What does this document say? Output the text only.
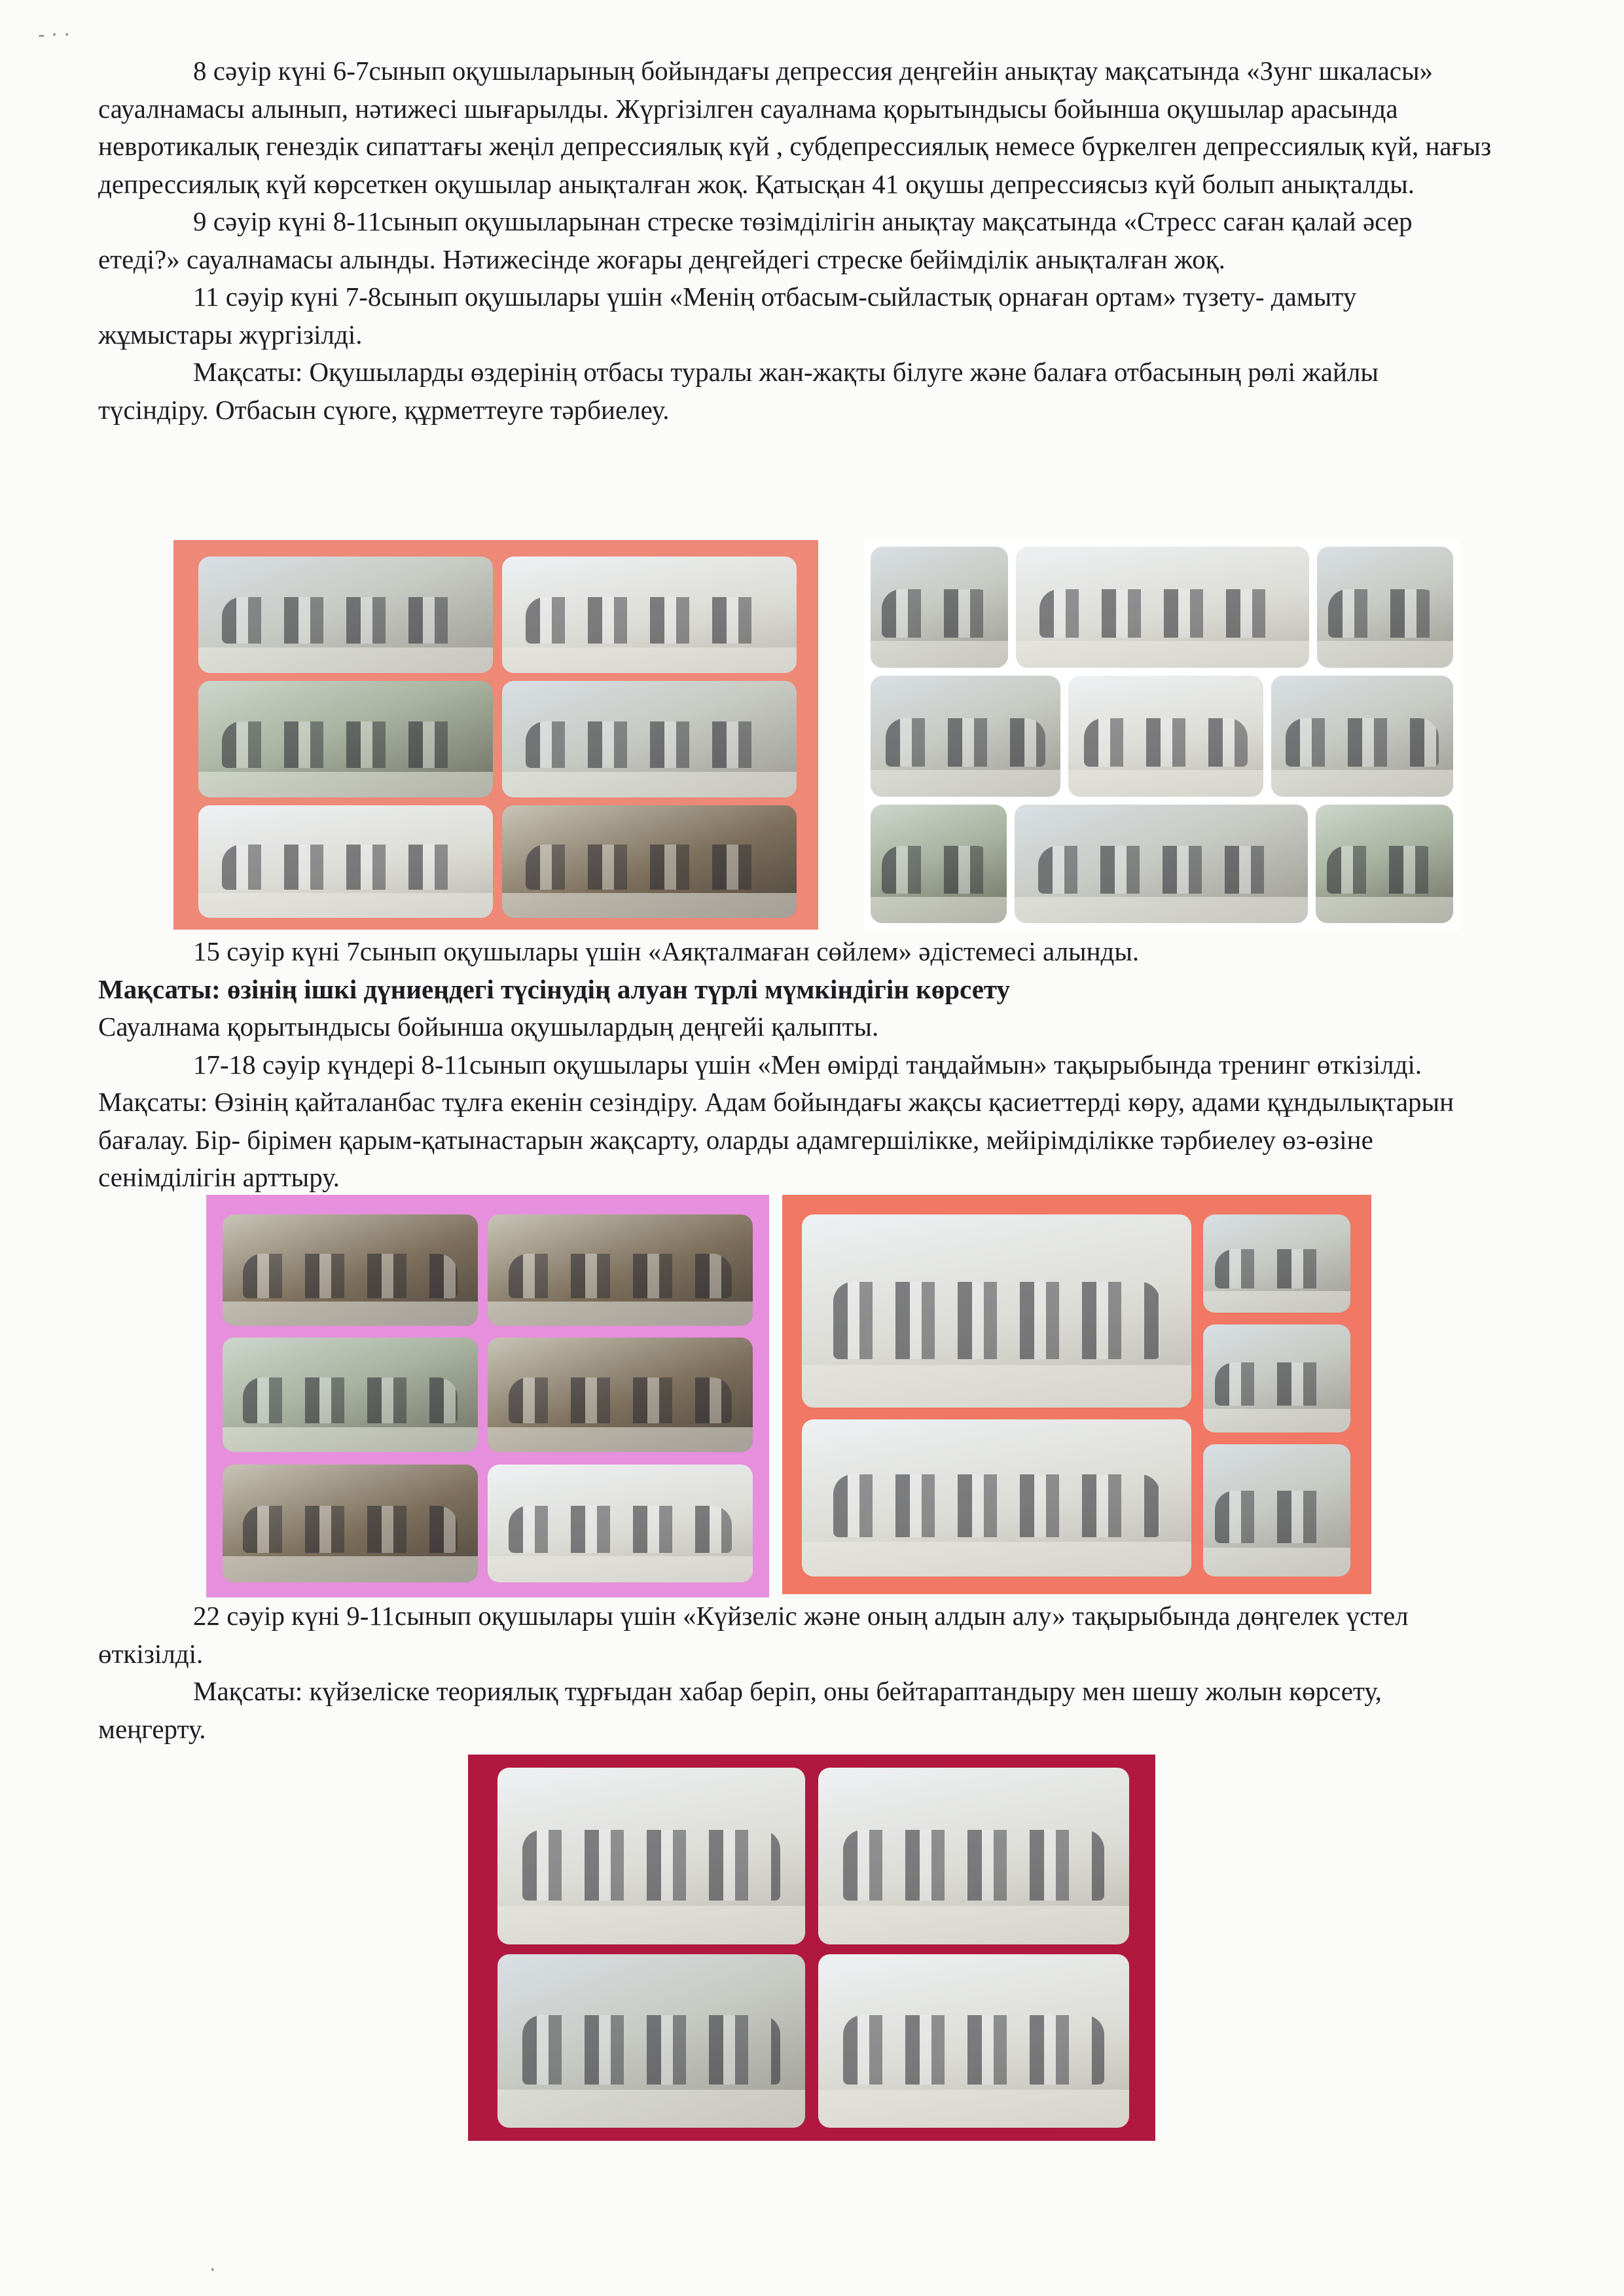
- · ·

8 сәуір күні 6-7сынып оқушыларының бойындағы депрессия деңгейін анықтау мақсатында «Зунг шкаласы» сауалнамасы алынып, нәтижесі шығарылды. Жүргізілген сауалнама қорытындысы бойынша оқушылар арасында невротикалық генездік сипаттағы жеңіл депрессиялық күй , субдепрессиялық немесе бүркелген депрессиялық күй, нағыз депрессиялық күй көрсеткен оқушылар анықталған жоқ. Қатысқан 41 оқушы депрессиясыз күй болып анықталды.

9 сәуір күні 8-11сынып оқушыларынан стреске төзімділігін анықтау мақсатында «Стресс саған қалай әсер етеді?» сауалнамасы алынды. Нәтижесінде жоғары деңгейдегі стреске бейімділік анықталған жоқ.

11 сәуір күні 7-8сынып оқушылары үшін «Менің отбасым-сыйластық орнаған ортам» түзету- дамыту жұмыстары жүргізілді.

Мақсаты: Оқушыларды өздерінің отбасы туралы жан-жақты білуге және балаға отбасының рөлі жайлы түсіндіру. Отбасын сүюге, құрметтеуге тәрбиелеу.

15 сәуір күні 7сынып оқушылары үшін «Аяқталмаған сөйлем» әдістемесі алынды.

Мақсаты: өзінің ішкі дүниеңдегі түсінудің алуан түрлі мүмкіндігін көрсету

Сауалнама қорытындысы бойынша оқушылардың деңгейі қалыпты.

17-18 сәуір күндері 8-11сынып оқушылары үшін «Мен өмірді таңдаймын» тақырыбында тренинг өткізілді. Мақсаты: Өзінің қайталанбас тұлға екенін сезіндіру. Адам бойындағы жақсы қасиеттерді көру, адами құндылықтарын бағалау. Бір- бірімен қарым-қатынастарын жақсарту, оларды адамгершілікке, мейірімділікке тәрбиелеу өз-өзіне сенімділігін арттыру.

22 сәуір күні 9-11сынып оқушылары үшін «Күйзеліс және оның алдын алу» тақырыбында дөңгелек үстел өткізілді.

Мақсаты: күйзеліске теориялық тұрғыдан хабар беріп, оны бейтараптандыру мен шешу жолын көрсету, меңгерту.

·
